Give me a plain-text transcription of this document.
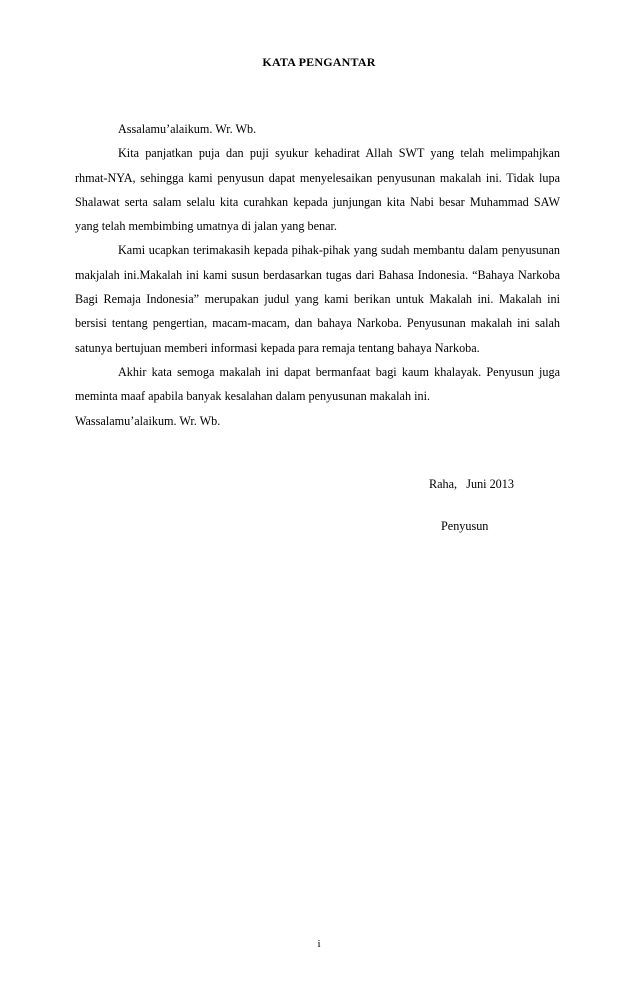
KATA PENGANTAR

Assalamu’alaikum. Wr. Wb.

Kita panjatkan puja dan puji syukur kehadirat Allah SWT yang telah melimpahjkan rhmat-NYA, sehingga kami penyusun dapat menyelesaikan penyusunan makalah ini. Tidak lupa Shalawat serta salam selalu kita curahkan kepada junjungan kita Nabi besar Muhammad SAW yang telah membimbing umatnya di jalan yang benar.

Kami ucapkan terimakasih kepada pihak-pihak yang sudah membantu dalam penyusunan makjalah ini.Makalah ini kami susun berdasarkan tugas dari Bahasa Indonesia. “Bahaya Narkoba Bagi Remaja Indonesia” merupakan judul yang kami berikan untuk Makalah ini. Makalah ini bersisi tentang pengertian, macam-macam, dan bahaya Narkoba. Penyusunan makalah ini salah satunya bertujuan memberi informasi kepada para remaja tentang bahaya Narkoba.

Akhir kata semoga makalah ini dapat bermanfaat bagi kaum khalayak. Penyusun juga meminta maaf apabila banyak kesalahan dalam penyusunan makalah ini.

Wassalamu’alaikum. Wr. Wb.

Raha,   Juni 2013
Penyusun
i
